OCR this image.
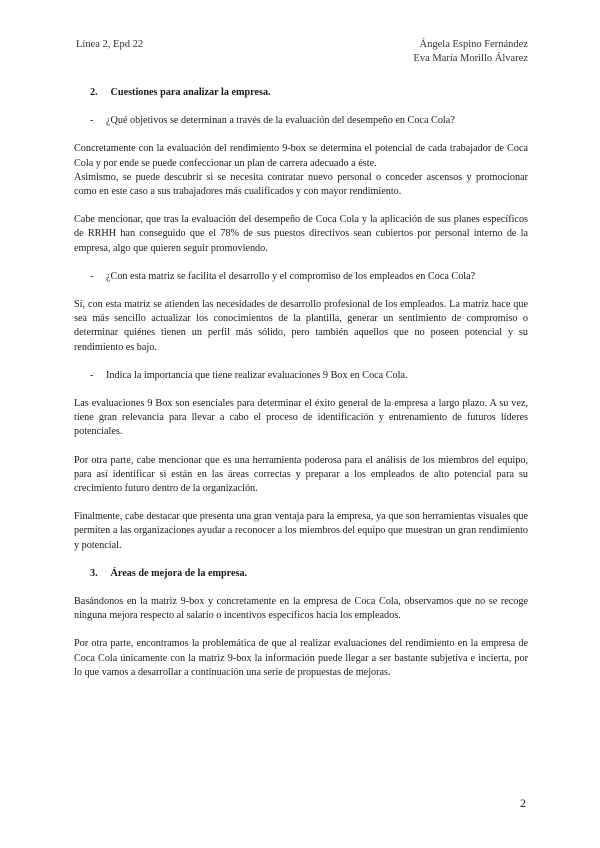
Línea 2, Epd 22	Ángela Espino Fernández
Eva María Morillo Álvarez
2. Cuestiones para analizar la empresa.
-	¿Qué objetivos se determinan a través de la evaluación del desempeño en Coca Cola?

Concretamente con la evaluación del rendimiento 9-box se determina el potencial de cada trabajador de Coca Cola y por ende se puede confeccionar un plan de carrera adecuado a éste.
Asimismo, se puede descubrir si se necesita contratar nuevo personal o conceder ascensos y promocionar como en este caso a sus trabajadores más cualificados y con mayor rendimiento.

Cabe mencionar, que tras la evaluación del desempeño de Coca Cola y la aplicación de sus planes específicos de RRHH han conseguido que el 78% de sus puestos directivos sean cubiertos por personal interno de la empresa, algo que quieren seguir promoviendo.

-	¿Con esta matriz se facilita el desarrollo y el compromiso de los empleados en Coca Cola?

Sí, con esta matriz se atienden las necesidades de desarrollo profesional de los empleados. La matriz hace que sea más sencillo actualizar los conocimientos de la plantilla, generar un sentimiento de compromiso o determinar quiénes tienen un perfil más sólido, pero también aquellos que no poseen potencial y su rendimiento es bajo.

-	Indica la importancia que tiene realizar evaluaciones 9 Box en Coca Cola.

Las evaluaciones 9 Box son esenciales para determinar el éxito general de la empresa a largo plazo. A su vez, tiene gran relevancia para llevar a cabo el proceso de identificación y entrenamiento de futuros líderes potenciales.

Por otra parte, cabe mencionar que es una herramienta poderosa para el análisis de los miembros del equipo, para así identificar si están en las áreas correctas y preparar a los empleados de alto potencial para su crecimiento futuro dentro de la organización.

Finalmente, cabe destacar que presenta una gran ventaja para la empresa, ya que son herramientas visuales que permiten a las organizaciones ayudar a reconocer a los miembros del equipo que muestran un gran rendimiento y potencial.

3. Áreas de mejora de la empresa.

Basándonos en la matriz 9-box y concretamente en la empresa de Coca Cola, observamos que no se recoge ninguna mejora respecto al salario o incentivos específicos hacia los empleados.

Por otra parte, encontramos la problemática de que al realizar evaluaciones del rendimiento en la empresa de Coca Cola únicamente con la matriz 9-box la información puede llegar a ser bastante subjetiva e incierta, por lo que vamos a desarrollar a continuación una serie de propuestas de mejoras.

2
